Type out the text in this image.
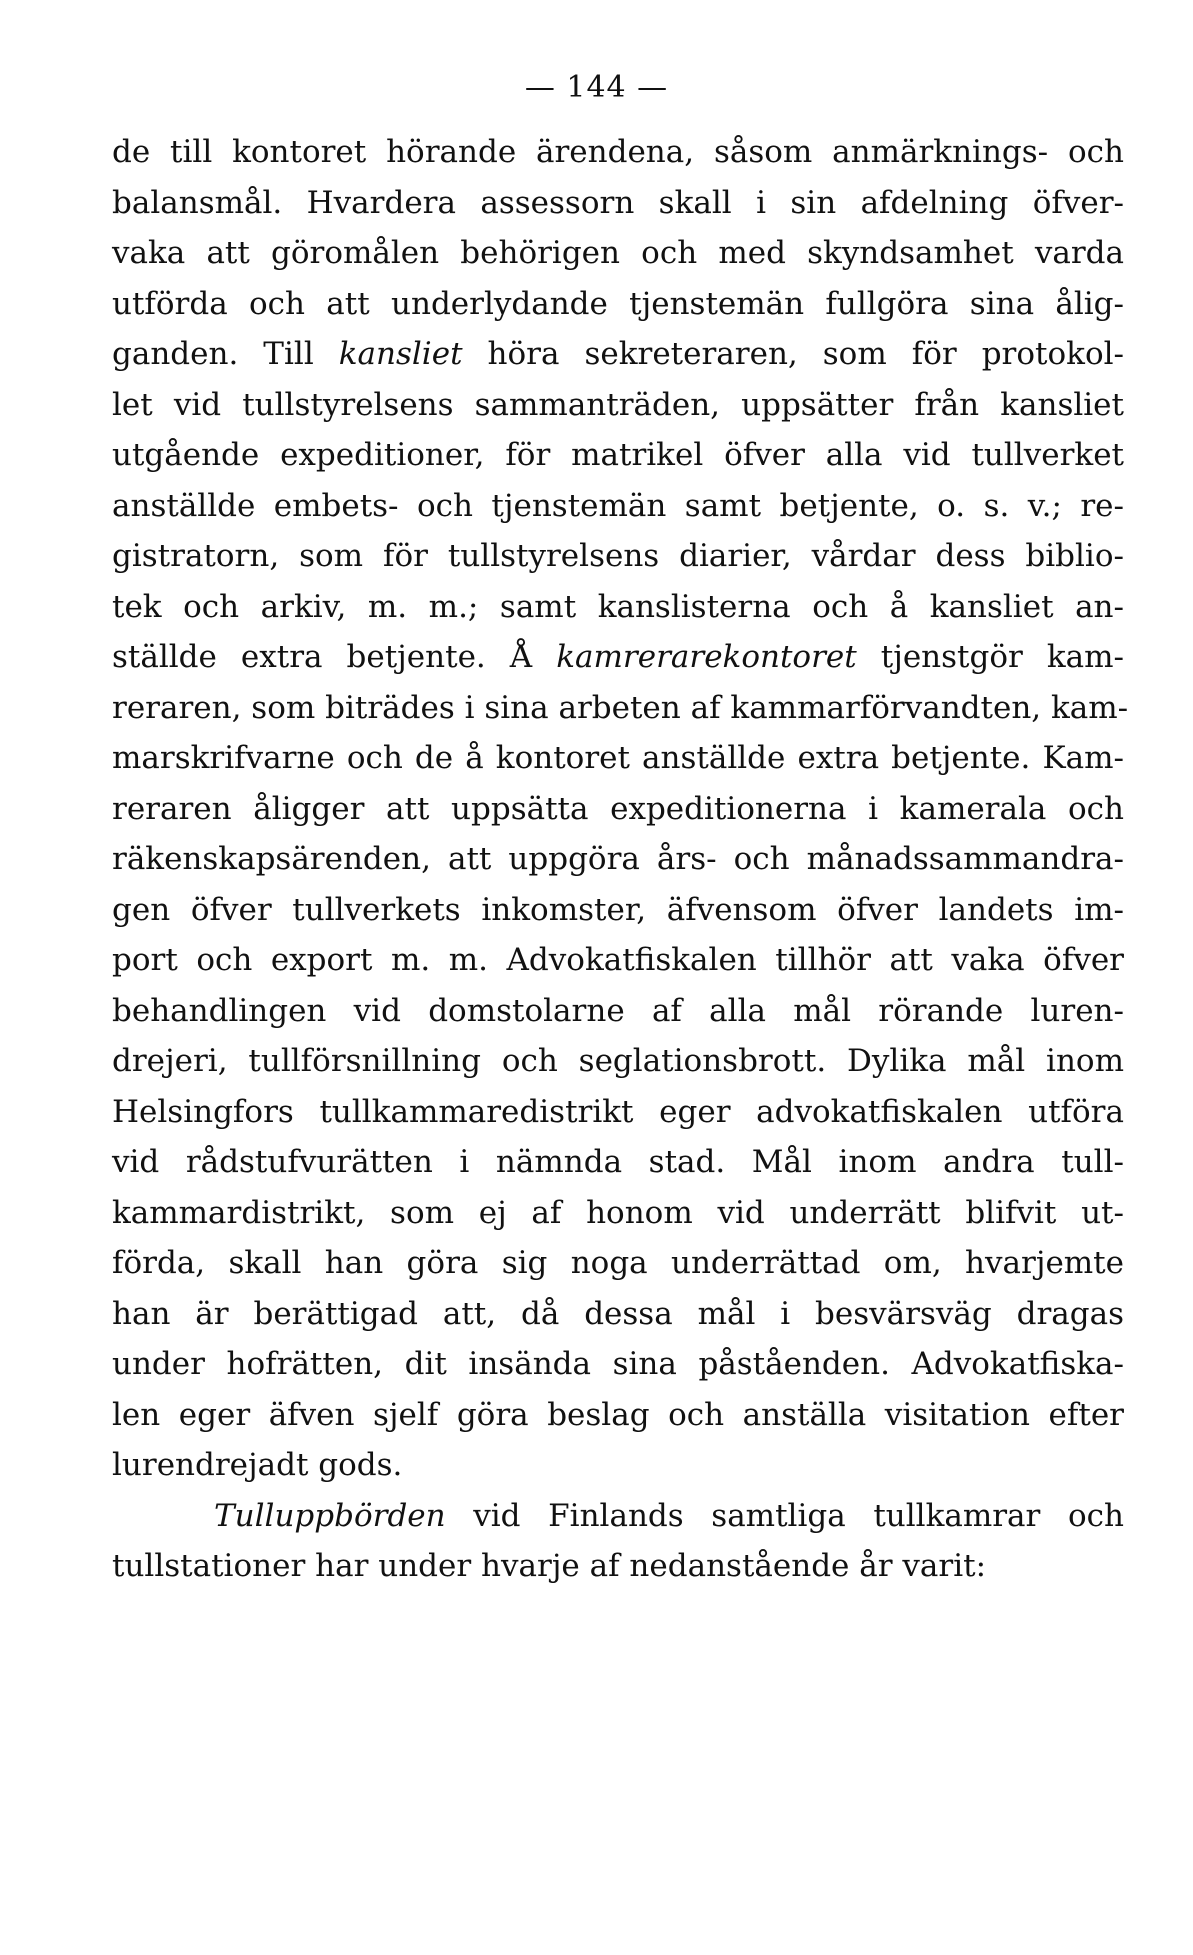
— 144 —
de till kontoret hörande ärendena, såsom anmärknings- och
balansmål. Hvardera assessorn skall i sin afdelning öfver-
vaka att göromålen behörigen och med skyndsamhet varda
utförda och att underlydande tjenstemän fullgöra sina ålig-
ganden. Till kansliet höra sekreteraren, som för protokol-
let vid tullstyrelsens sammanträden, uppsätter från kansliet
utgående expeditioner, för matrikel öfver alla vid tullverket
anställde embets- och tjenstemän samt betjente, o. s. v.; re-
gistratorn, som för tullstyrelsens diarier, vårdar dess biblio-
tek och arkiv, m. m.; samt kanslisterna och å kansliet an-
ställde extra betjente. Å kamrerarekontoret tjenstgör kam-
reraren, som biträdes i sina arbeten af kammarförvandten, kam-
marskrifvarne och de å kontoret anställde extra betjente. Kam-
reraren åligger att uppsätta expeditionerna i kamerala och
räkenskapsärenden, att uppgöra års- och månadssammandra-
gen öfver tullverkets inkomster, äfvensom öfver landets im-
port och export m. m. Advokatfiskalen tillhör att vaka öfver
behandlingen vid domstolarne af alla mål rörande luren-
drejeri, tullförsnillning och seglationsbrott. Dylika mål inom
Helsingfors tullkammaredistrikt eger advokatfiskalen utföra
vid rådstufvurätten i nämnda stad. Mål inom andra tull-
kammardistrikt, som ej af honom vid underrätt blifvit ut-
förda, skall han göra sig noga underrättad om, hvarjemte
han är berättigad att, då dessa mål i besvärsväg dragas
under hofrätten, dit insända sina påståenden. Advokatfiska-
len eger äfven sjelf göra beslag och anställa visitation efter
lurendrejadt gods.
Tulluppbörden vid Finlands samtliga tullkamrar och
tullstationer har under hvarje af nedanstående år varit:
